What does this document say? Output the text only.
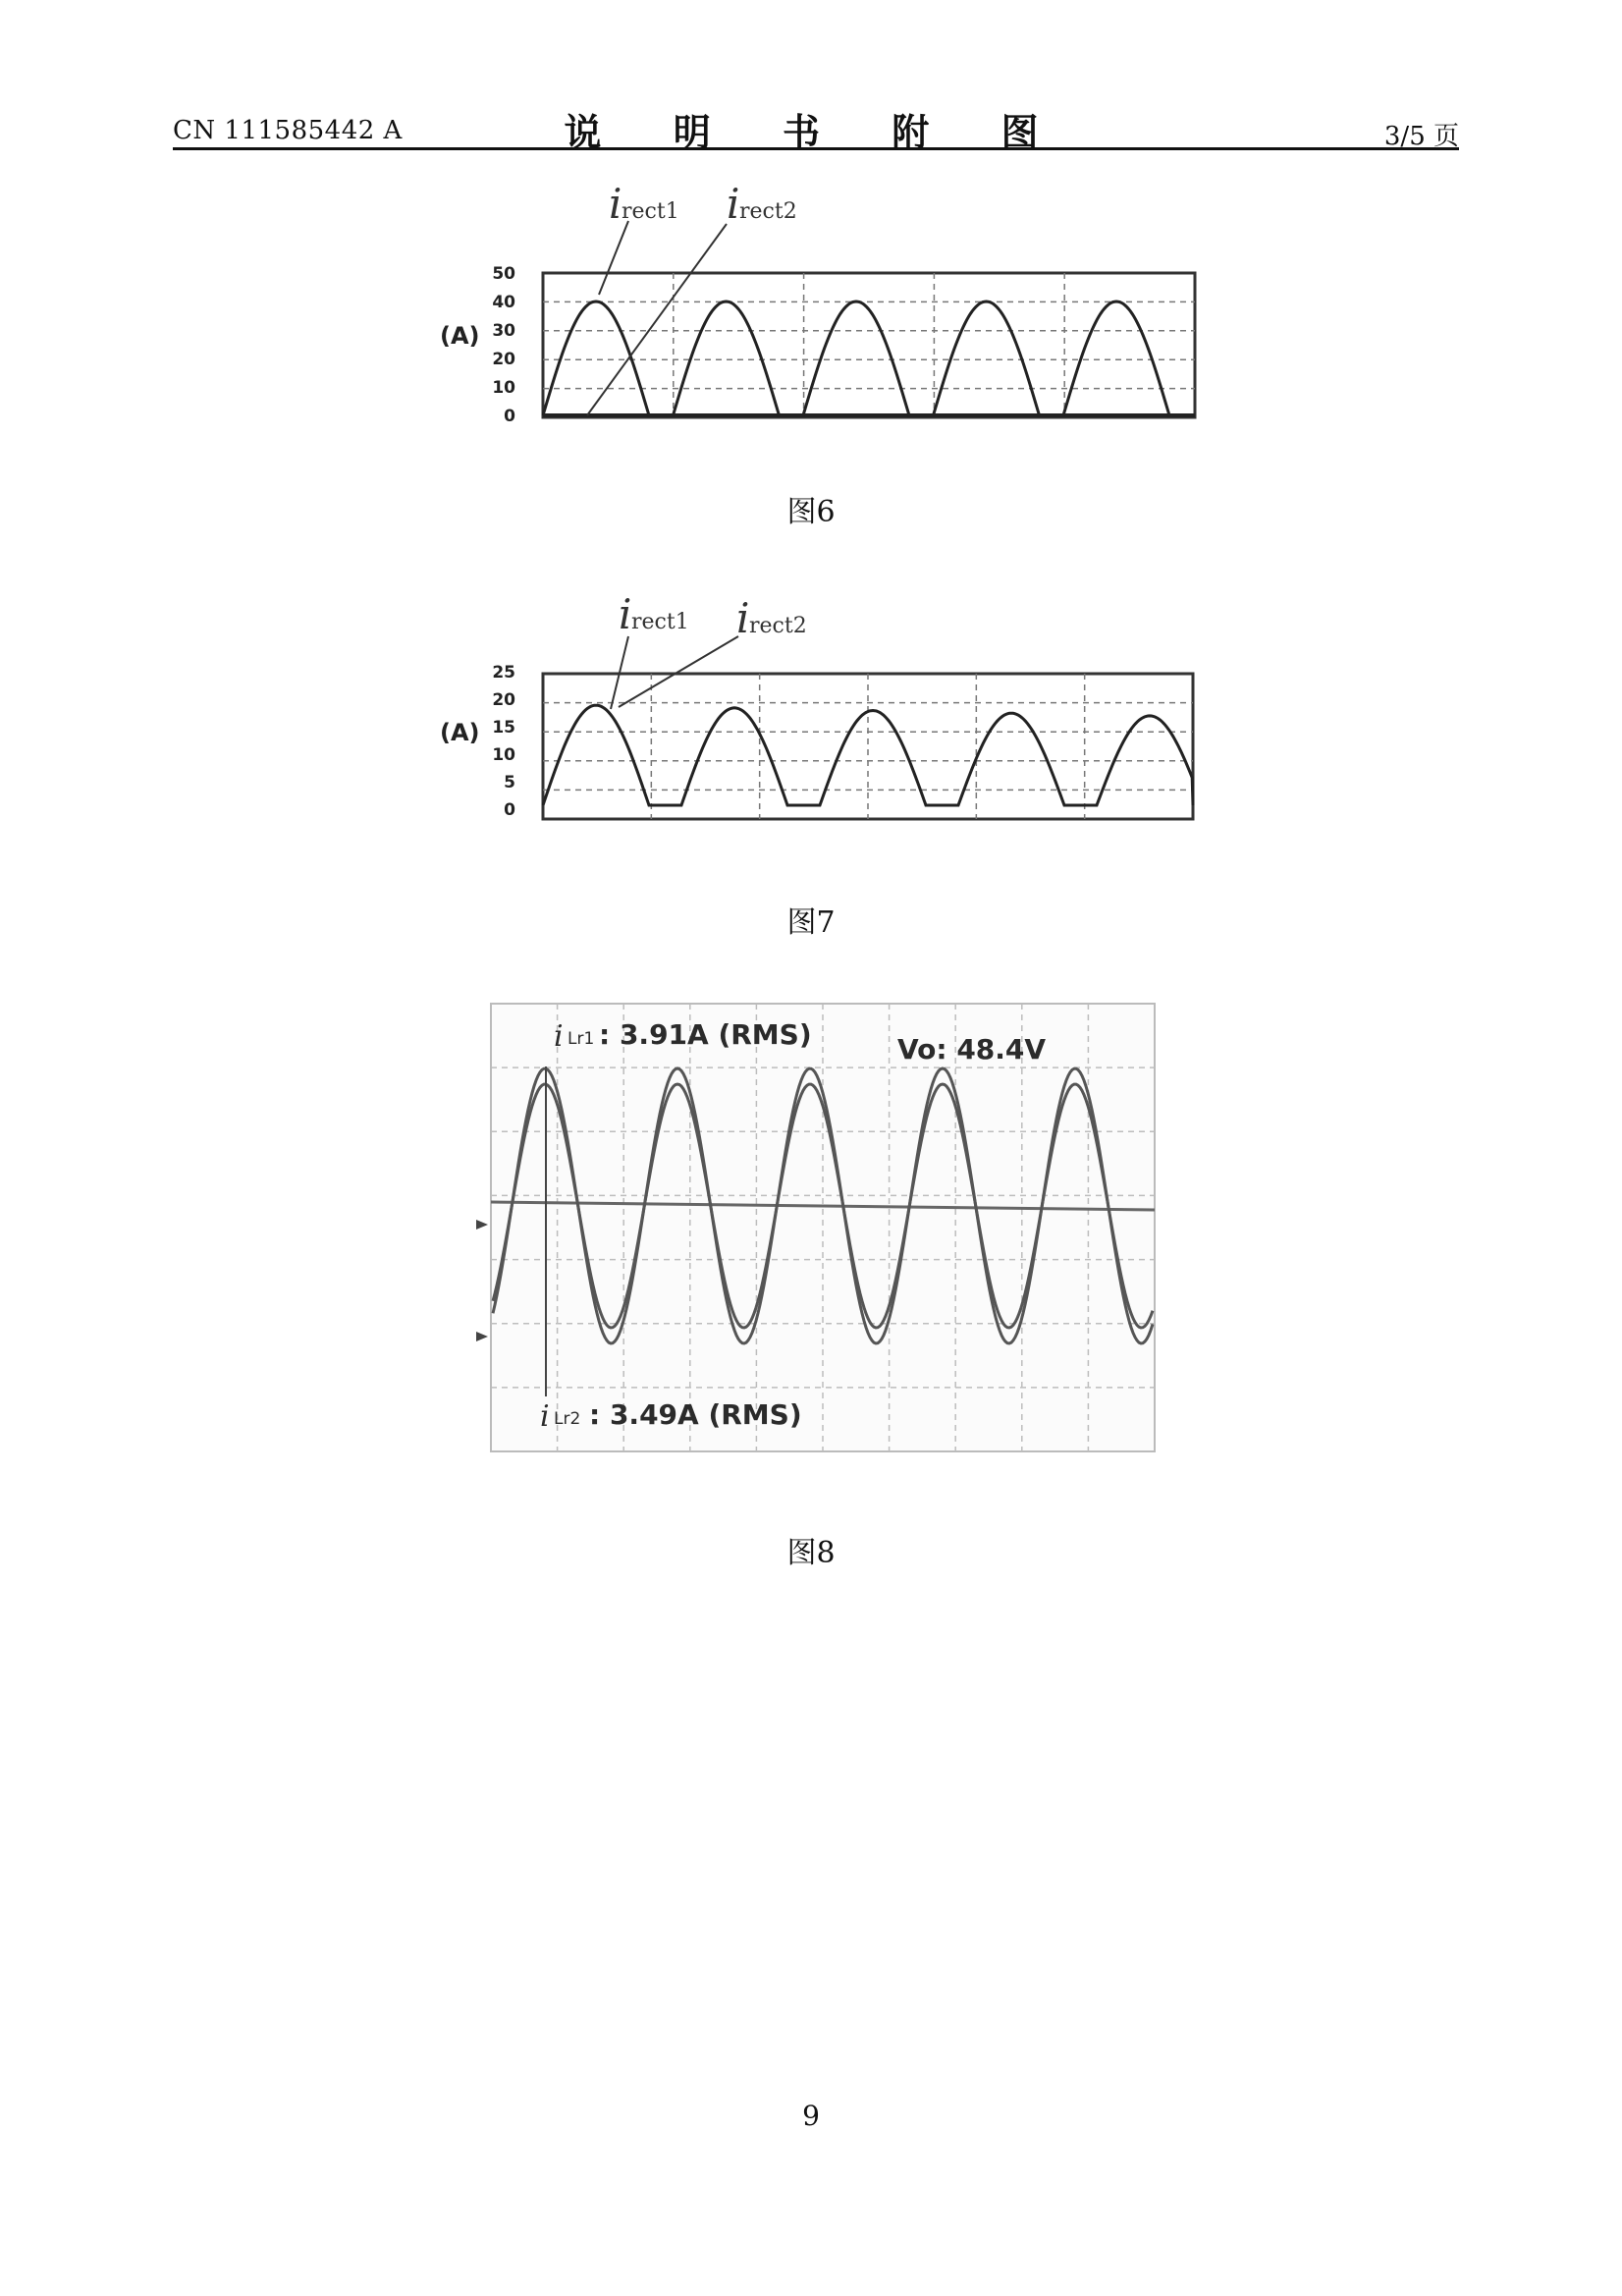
CN 111585442 A	说 明 书 附 图	3/5 页
(A)
50
40
30
20
10
0
i rect1 i rect2
(A)
25
20
15
10
5
0
i rect1 i rect2
i Lr1 : 3.91A (RMS)	Vo: 48.4V
i Lr2 : 3.49A (RMS)
图6
图7
图8
9
